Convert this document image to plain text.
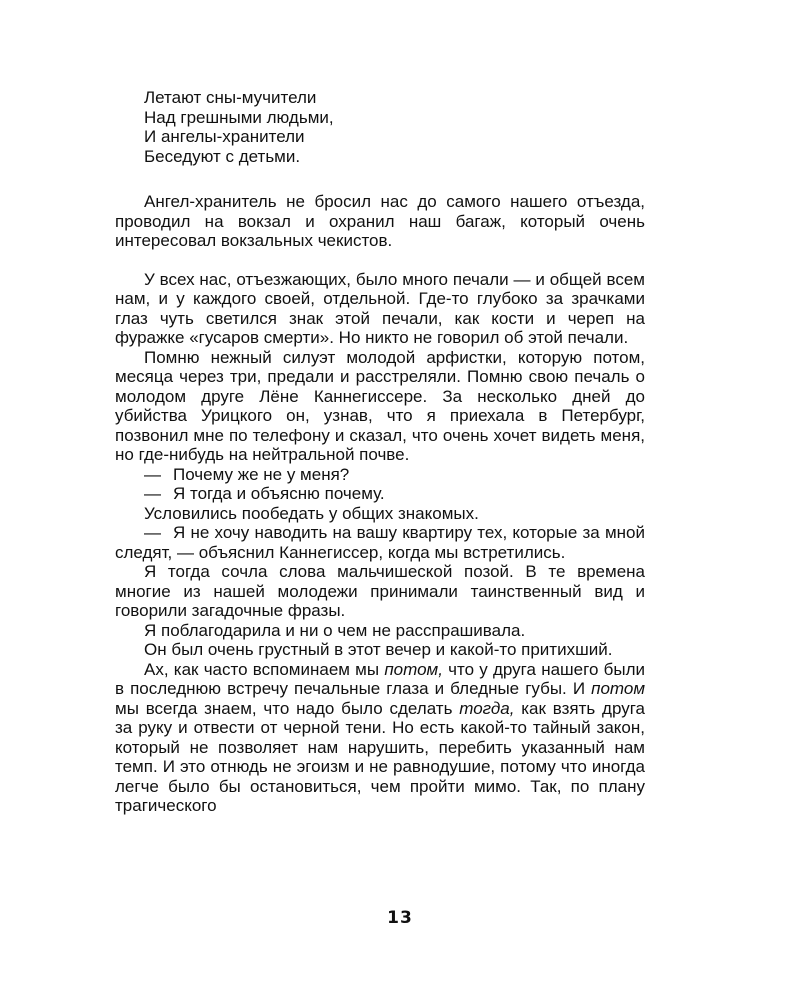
Летают сны-мучители
Над грешными людьми,
И ангелы-хранители
Беседуют с детьми.

Ангел-хранитель не бросил нас до самого нашего отъезда, проводил на вокзал и охранил наш багаж, который очень интересовал вокзальных чекистов.

У всех нас, отъезжающих, было много печали — и общей всем нам, и у каждого своей, отдельной. Где-то глубоко за зрачками глаз чуть светился знак этой печали, как кости и череп на фуражке «гусаров смерти». Но никто не говорил об этой печали.

Помню нежный силуэт молодой арфистки, которую потом, месяца через три, предали и расстреляли. Помню свою печаль о молодом друге Лёне Каннегиссере. За несколько дней до убийства Урицкого он, узнав, что я приехала в Петербург, позвонил мне по телефону и сказал, что очень хочет видеть меня, но где-нибудь на нейтральной почве.

— Почему же не у меня?

— Я тогда и объясню почему.

Условились пообедать у общих знакомых.

— Я не хочу наводить на вашу квартиру тех, которые за мной следят, — объяснил Каннегиссер, когда мы встретились.

Я тогда сочла слова мальчишеской позой. В те времена многие из нашей молодежи принимали таинственный вид и говорили загадочные фразы.

Я поблагодарила и ни о чем не расспрашивала.

Он был очень грустный в этот вечер и какой-то притихший.

Ах, как часто вспоминаем мы потом, что у друга нашего были в последнюю встречу печальные глаза и бледные губы. И потом мы всегда знаем, что надо было сделать тогда, как взять друга за руку и отвести от черной тени. Но есть какой-то тайный закон, который не позволяет нам нарушить, перебить указанный нам темп. И это отнюдь не эгоизм и не равнодушие, потому что иногда легче было бы остановиться, чем пройти мимо. Так, по плану трагического

13
